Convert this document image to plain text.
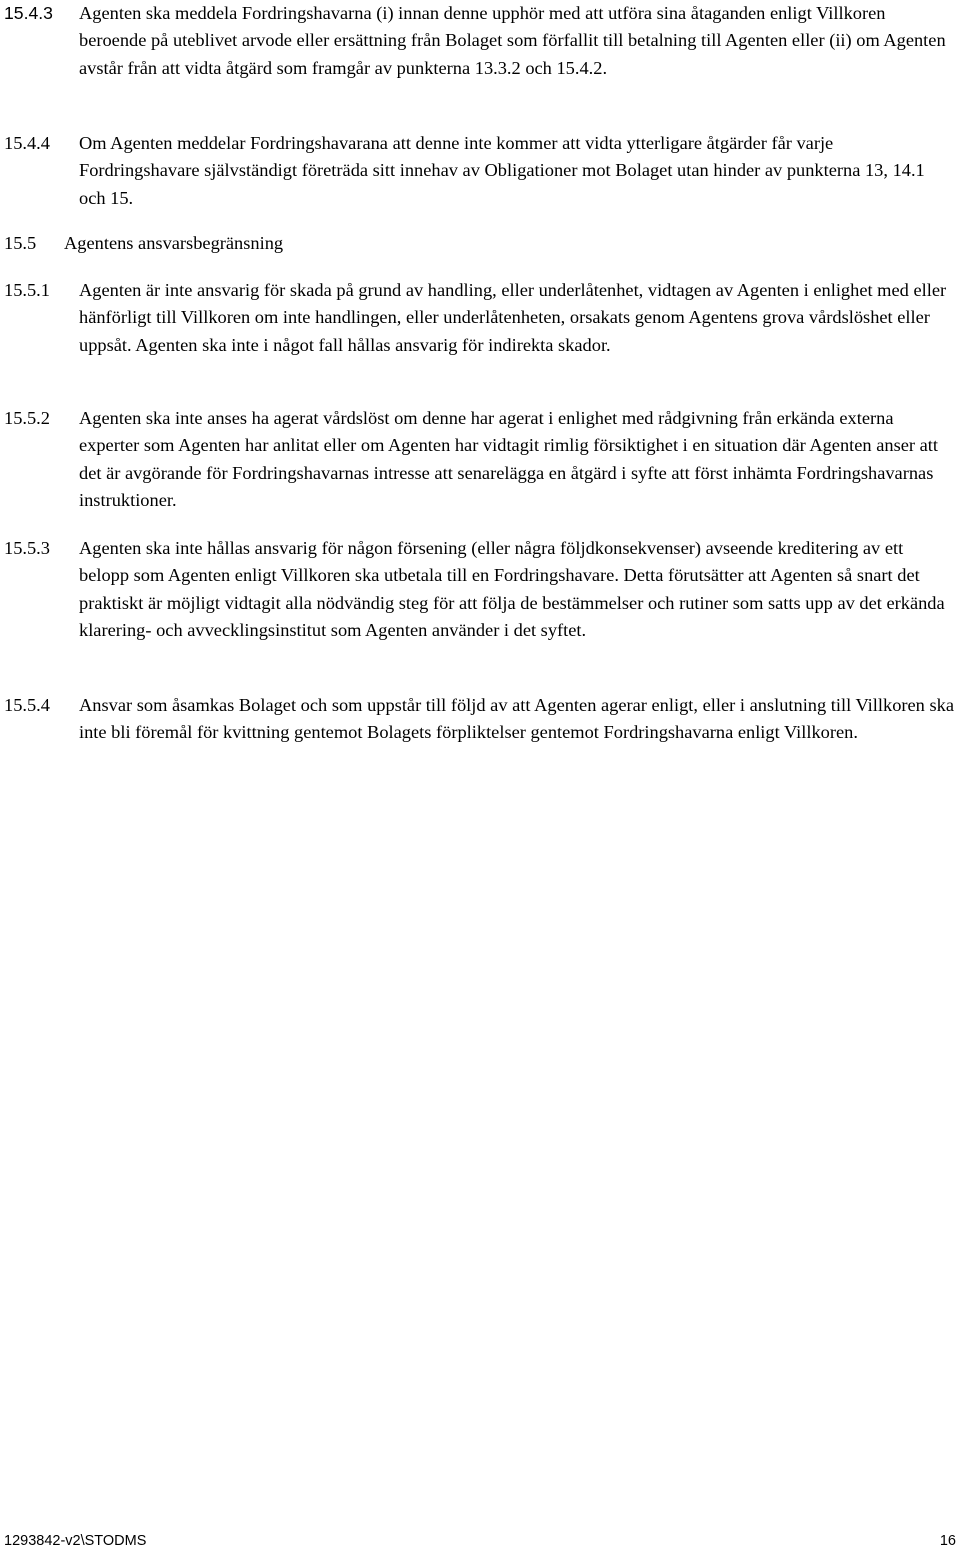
15.4.3	Agenten ska meddela Fordringshavarna (i) innan denne upphör med att utföra sina åtaganden enligt Villkoren beroende på uteblivet arvode eller ersättning från Bolaget som förfallit till betalning till Agenten eller (ii) om Agenten avstår från att vidta åtgärd som framgår av punkterna 13.3.2 och 15.4.2.
15.4.4	Om Agenten meddelar Fordringshavarana att denne inte kommer att vidta ytterligare åtgärder får varje Fordringshavare självständigt företräda sitt innehav av Obligationer mot Bolaget utan hinder av punkterna 13, 14.1 och 15.
15.5	Agentens ansvarsbegränsning
15.5.1	Agenten är inte ansvarig för skada på grund av handling, eller underlåtenhet, vidtagen av Agenten i enlighet med eller hänförligt till Villkoren om inte handlingen, eller underlåtenheten, orsakats genom Agentens grova vårdslöshet eller uppsåt. Agenten ska inte i något fall hållas ansvarig för indirekta skador.
15.5.2	Agenten ska inte anses ha agerat vårdslöst om denne har agerat i enlighet med rådgivning från erkända externa experter som Agenten har anlitat eller om Agenten har vidtagit rimlig försiktighet i en situation där Agenten anser att det är avgörande för Fordringshavarnas intresse att senarelägga en åtgärd i syfte att först inhämta Fordringshavarnas instruktioner.
15.5.3	Agenten ska inte hållas ansvarig för någon försening (eller några följdkonsekvenser) avseende kreditering av ett belopp som Agenten enligt Villkoren ska utbetala till en Fordringshavare. Detta förutsätter att Agenten så snart det praktiskt är möjligt vidtagit alla nödvändig steg för att följa de bestämmelser och rutiner som satts upp av det erkända klarering- och avvecklingsinstitut som Agenten använder i det syftet.
15.5.4	Ansvar som åsamkas Bolaget och som uppstår till följd av att Agenten agerar enligt, eller i anslutning till Villkoren ska inte bli föremål för kvittning gentemot Bolagets förpliktelser gentemot Fordringshavarna enligt Villkoren.
1293842-v2\STODMS	16
